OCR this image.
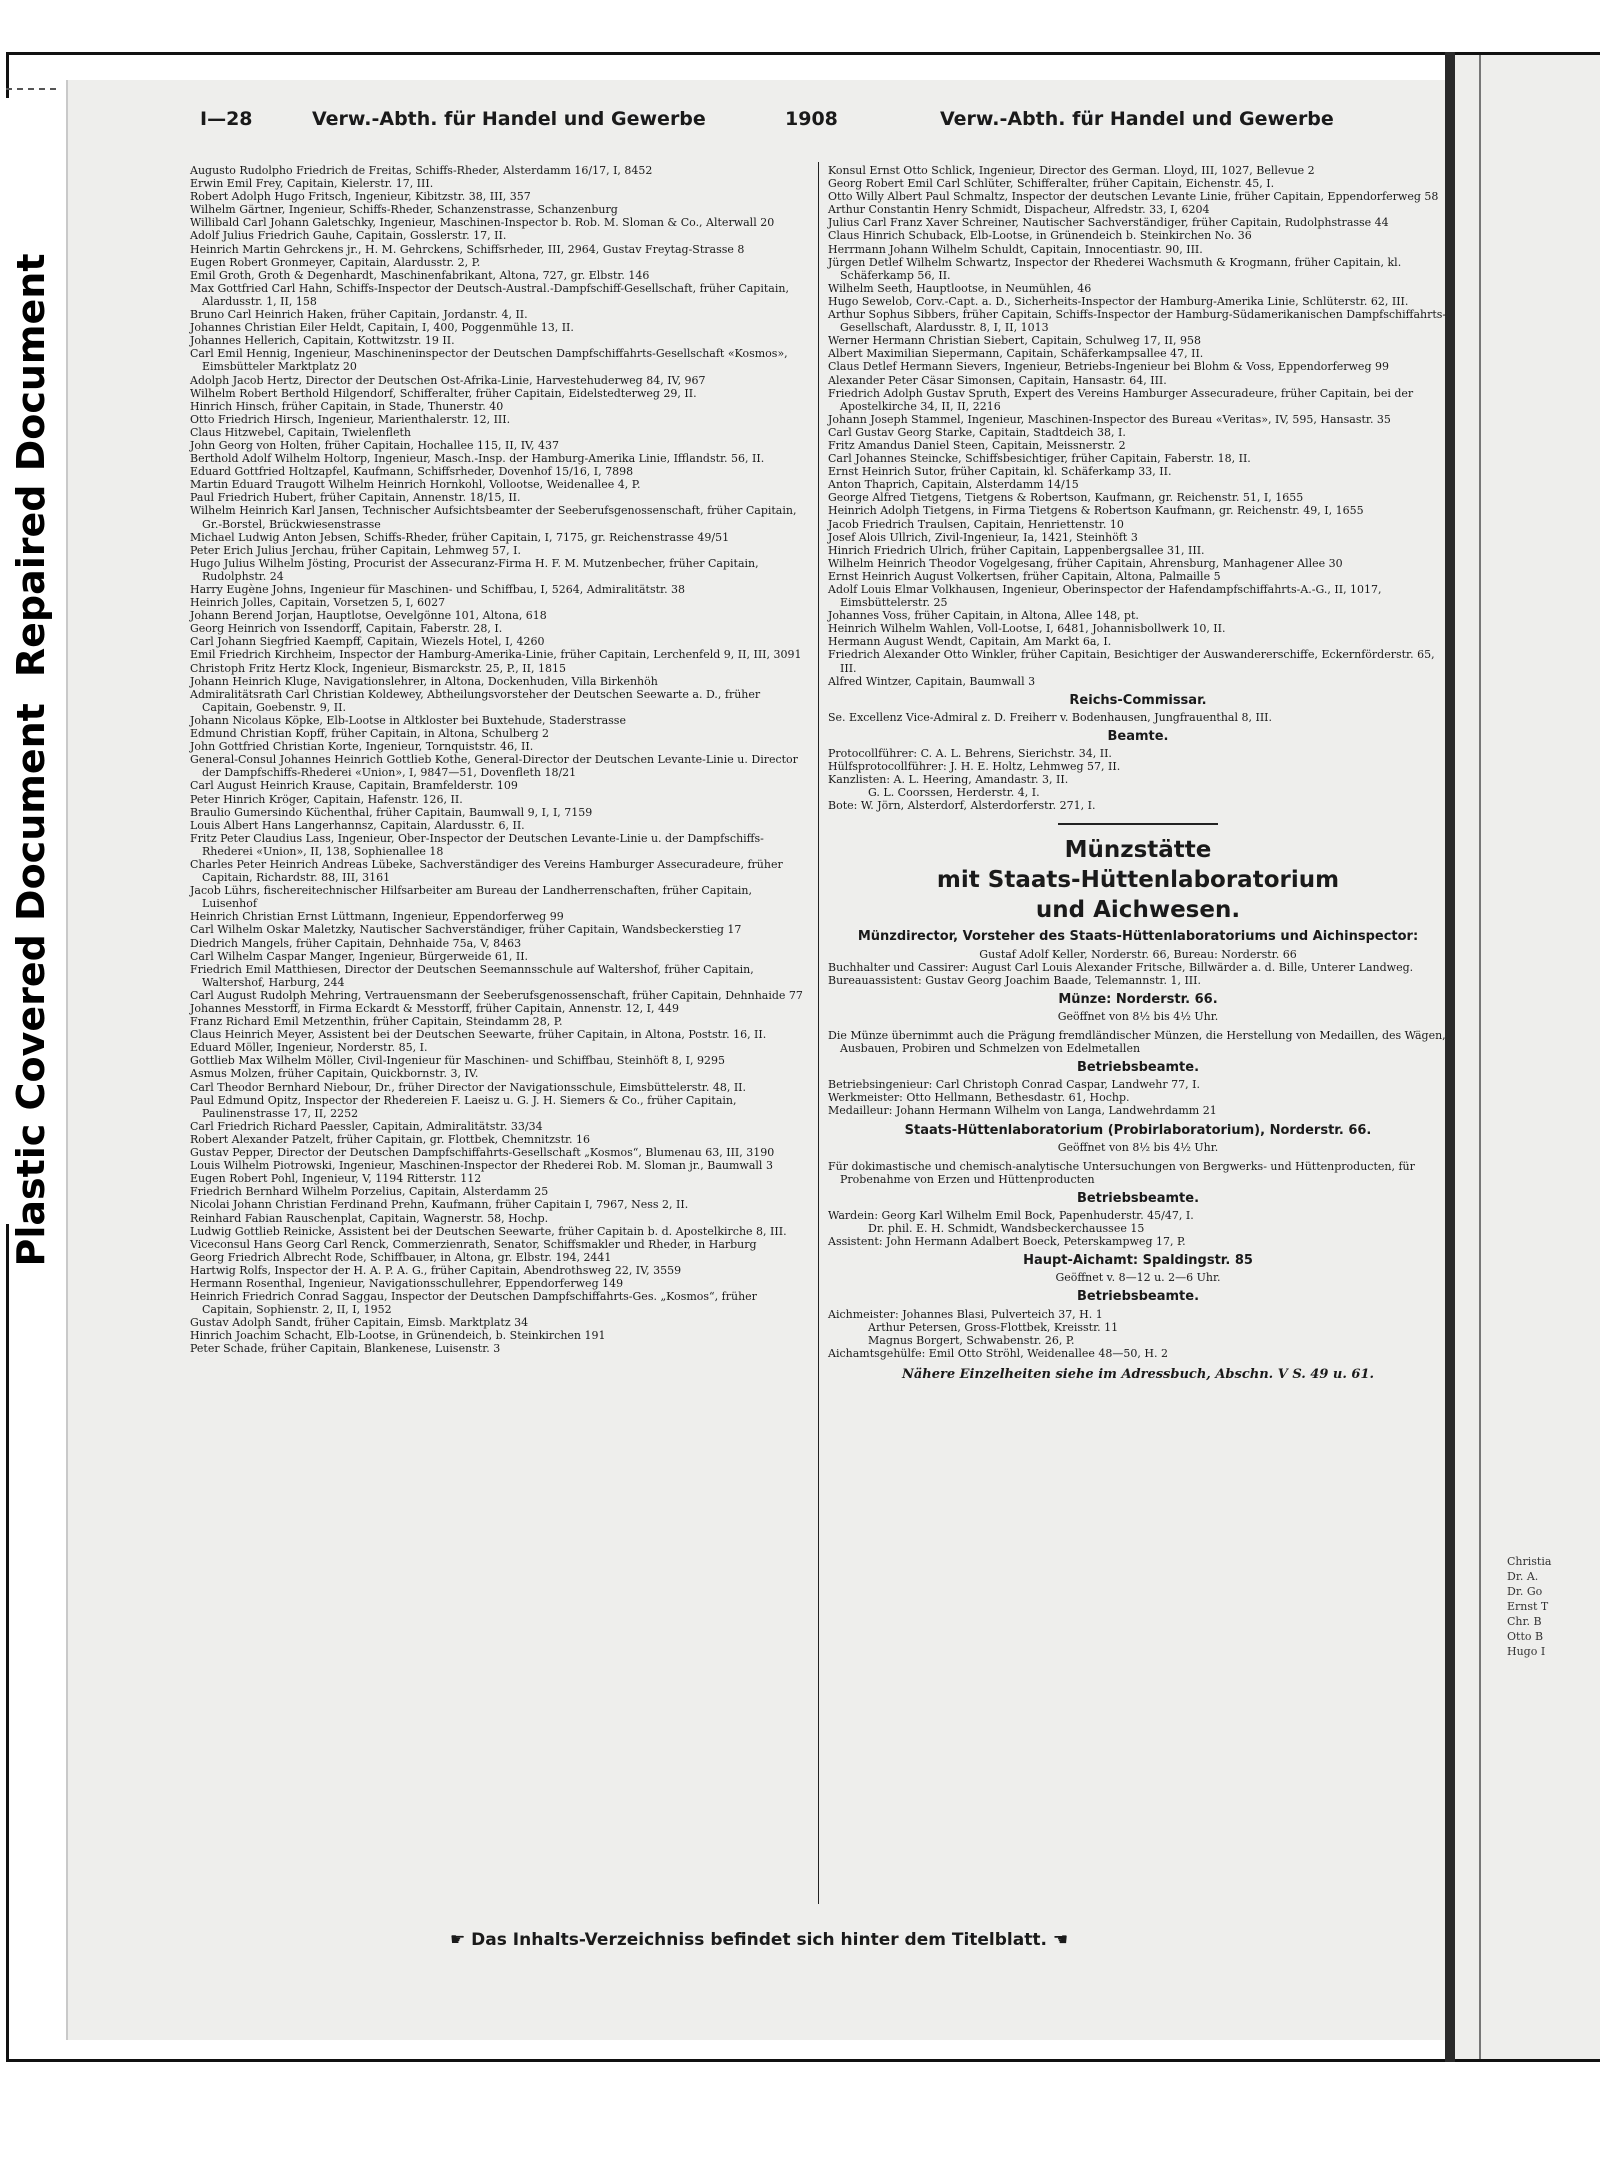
Plastic Covered DocumentRepaired Document
Christia
Dr. A.
Dr. Go
Ernst T
Chr. B
Otto B
Hugo I
I—28	Verw.-Abth. für Handel und Gewerbe	1908	Verw.-Abth. für Handel und Gewerbe

Augusto Rudolpho Friedrich de Freitas, Schiffs-Rheder, Alsterdamm 16/17, I, 8452

Erwin Emil Frey, Capitain, Kielerstr. 17, III.

Robert Adolph Hugo Fritsch, Ingenieur, Kibitzstr. 38, III, 357

Wilhelm Gärtner, Ingenieur, Schiffs-Rheder, Schanzenstrasse, Schanzenburg

Willibald Carl Johann Galetschky, Ingenieur, Maschinen-Inspector b. Rob. M. Sloman & Co., Alterwall 20

Adolf Julius Friedrich Gauhe, Capitain, Gosslerstr. 17, II.

Heinrich Martin Gehrckens jr., H. M. Gehrckens, Schiffsrheder, III, 2964, Gustav Freytag-Strasse 8

Eugen Robert Gronmeyer, Capitain, Alardusstr. 2, P.

Emil Groth, Groth & Degenhardt, Maschinenfabrikant, Altona, 727, gr. Elbstr. 146

Max Gottfried Carl Hahn, Schiffs-Inspector der Deutsch-Austral.-Dampfschiff-Gesellschaft, früher Capitain, Alardusstr. 1, II, 158

Bruno Carl Heinrich Haken, früher Capitain, Jordanstr. 4, II.

Johannes Christian Eiler Heldt, Capitain, I, 400, Poggenmühle 13, II.

Johannes Hellerich, Capitain, Kottwitzstr. 19 II.

Carl Emil Hennig, Ingenieur, Maschineninspector der Deutschen Dampfschiffahrts-Gesellschaft «Kosmos», Eimsbütteler Marktplatz 20

Adolph Jacob Hertz, Director der Deutschen Ost-Afrika-Linie, Harvestehuderweg 84, IV, 967

Wilhelm Robert Berthold Hilgendorf, Schifferalter, früher Capitain, Eidelstedterweg 29, II.

Hinrich Hinsch, früher Capitain, in Stade, Thunerstr. 40

Otto Friedrich Hirsch, Ingenieur, Marienthalerstr. 12, III.

Claus Hitzwebel, Capitain, Twielenfleth

John Georg von Holten, früher Capitain, Hochallee 115, II, IV, 437

Berthold Adolf Wilhelm Holtorp, Ingenieur, Masch.-Insp. der Hamburg-Amerika Linie, Ifflandstr. 56, II.

Eduard Gottfried Holtzapfel, Kaufmann, Schiffsrheder, Dovenhof 15/16, I, 7898

Martin Eduard Traugott Wilhelm Heinrich Hornkohl, Vollootse, Weidenallee 4, P.

Paul Friedrich Hubert, früher Capitain, Annenstr. 18/15, II.

Wilhelm Heinrich Karl Jansen, Technischer Aufsichtsbeamter der Seeberufsgenossenschaft, früher Capitain, Gr.-Borstel, Brückwiesenstrasse

Michael Ludwig Anton Jebsen, Schiffs-Rheder, früher Capitain, I, 7175, gr. Reichenstrasse 49/51

Peter Erich Julius Jerchau, früher Capitain, Lehmweg 57, I.

Hugo Julius Wilhelm Jösting, Procurist der Assecuranz-Firma H. F. M. Mutzenbecher, früher Capitain, Rudolphstr. 24

Harry Eugène Johns, Ingenieur für Maschinen- und Schiffbau, I, 5264, Admiralitätstr. 38

Heinrich Jolles, Capitain, Vorsetzen 5, I, 6027

Johann Berend Jorjan, Hauptlotse, Oevelgönne 101, Altona, 618

Georg Heinrich von Issendorff, Capitain, Faberstr. 28, I.

Carl Johann Siegfried Kaempff, Capitain, Wiezels Hotel, I, 4260

Emil Friedrich Kirchheim, Inspector der Hamburg-Amerika-Linie, früher Capitain, Lerchenfeld 9, II, III, 3091

Christoph Fritz Hertz Klock, Ingenieur, Bismarckstr. 25, P., II, 1815

Johann Heinrich Kluge, Navigationslehrer, in Altona, Dockenhuden, Villa Birkenhöh

Admiralitätsrath Carl Christian Koldewey, Abtheilungsvorsteher der Deutschen Seewarte a. D., früher Capitain, Goebenstr. 9, II.

Johann Nicolaus Köpke, Elb-Lootse in Altkloster bei Buxtehude, Staderstrasse

Edmund Christian Kopff, früher Capitain, in Altona, Schulberg 2

John Gottfried Christian Korte, Ingenieur, Tornquiststr. 46, II.

General-Consul Johannes Heinrich Gottlieb Kothe, General-Director der Deutschen Levante-Linie u. Director der Dampfschiffs-Rhederei «Union», I, 9847—51, Dovenfleth 18/21

Carl August Heinrich Krause, Capitain, Bramfelderstr. 109

Peter Hinrich Kröger, Capitain, Hafenstr. 126, II.

Braulio Gumersindo Küchenthal, früher Capitain, Baumwall 9, I, I, 7159

Louis Albert Hans Langerhannsz, Capitain, Alardusstr. 6, II.

Fritz Peter Claudius Lass, Ingenieur, Ober-Inspector der Deutschen Levante-Linie u. der Dampfschiffs-Rhederei «Union», II, 138, Sophienallee 18

Charles Peter Heinrich Andreas Lübeke, Sachverständiger des Vereins Hamburger Assecuradeure, früher Capitain, Richardstr. 88, III, 3161

Jacob Lührs, fischereitechnischer Hilfsarbeiter am Bureau der Landherrenschaften, früher Capitain, Luisenhof

Heinrich Christian Ernst Lüttmann, Ingenieur, Eppendorferweg 99

Carl Wilhelm Oskar Maletzky, Nautischer Sachverständiger, früher Capitain, Wandsbeckerstieg 17

Diedrich Mangels, früher Capitain, Dehnhaide 75a, V, 8463

Carl Wilhelm Caspar Manger, Ingenieur, Bürgerweide 61, II.

Friedrich Emil Matthiesen, Director der Deutschen Seemannsschule auf Waltershof, früher Capitain, Waltershof, Harburg, 244

Carl August Rudolph Mehring, Vertrauensmann der Seeberufsgenossenschaft, früher Capitain, Dehnhaide 77

Johannes Messtorff, in Firma Eckardt & Messtorff, früher Capitain, Annenstr. 12, I, 449

Franz Richard Emil Metzenthin, früher Capitain, Steindamm 28, P.

Claus Heinrich Meyer, Assistent bei der Deutschen Seewarte, früher Capitain, in Altona, Poststr. 16, II.

Eduard Möller, Ingenieur, Norderstr. 85, I.

Gottlieb Max Wilhelm Möller, Civil-Ingenieur für Maschinen- und Schiffbau, Steinhöft 8, I, 9295

Asmus Molzen, früher Capitain, Quickbornstr. 3, IV.

Carl Theodor Bernhard Niebour, Dr., früher Director der Navigationsschule, Eimsbüttelerstr. 48, II.

Paul Edmund Opitz, Inspector der Rhedereien F. Laeisz u. G. J. H. Siemers & Co., früher Capitain, Paulinenstrasse 17, II, 2252

Carl Friedrich Richard Paessler, Capitain, Admiralitätstr. 33/34

Robert Alexander Patzelt, früher Capitain, gr. Flottbek, Chemnitzstr. 16

Gustav Pepper, Director der Deutschen Dampfschiffahrts-Gesellschaft „Kosmos“, Blumenau 63, III, 3190

Louis Wilhelm Piotrowski, Ingenieur, Maschinen-Inspector der Rhederei Rob. M. Sloman jr., Baumwall 3

Eugen Robert Pohl, Ingenieur, V, 1194 Ritterstr. 112

Friedrich Bernhard Wilhelm Porzelius, Capitain, Alsterdamm 25

Nicolai Johann Christian Ferdinand Prehn, Kaufmann, früher Capitain I, 7967, Ness 2, II.

Reinhard Fabian Rauschenplat, Capitain, Wagnerstr. 58, Hochp.

Ludwig Gottlieb Reinicke, Assistent bei der Deutschen Seewarte, früher Capitain b. d. Apostelkirche 8, III.

Viceconsul Hans Georg Carl Renck, Commerzienrath, Senator, Schiffsmakler und Rheder, in Harburg

Georg Friedrich Albrecht Rode, Schiffbauer, in Altona, gr. Elbstr. 194, 2441

Hartwig Rolfs, Inspector der H. A. P. A. G., früher Capitain, Abendrothsweg 22, IV, 3559

Hermann Rosenthal, Ingenieur, Navigationsschullehrer, Eppendorferweg 149

Heinrich Friedrich Conrad Saggau, Inspector der Deutschen Dampfschiffahrts-Ges. „Kosmos“, früher Capitain, Sophienstr. 2, II, I, 1952

Gustav Adolph Sandt, früher Capitain, Eimsb. Marktplatz 34

Hinrich Joachim Schacht, Elb-Lootse, in Grünendeich, b. Steinkirchen 191

Peter Schade, früher Capitain, Blankenese, Luisenstr. 3

Konsul Ernst Otto Schlick, Ingenieur, Director des German. Lloyd, III, 1027, Bellevue 2

Georg Robert Emil Carl Schlüter, Schifferalter, früher Capitain, Eichenstr. 45, I.

Otto Willy Albert Paul Schmaltz, Inspector der deutschen Levante Linie, früher Capitain, Eppendorferweg 58

Arthur Constantin Henry Schmidt, Dispacheur, Alfredstr. 33, I, 6204

Julius Carl Franz Xaver Schreiner, Nautischer Sachverständiger, früher Capitain, Rudolphstrasse 44

Claus Hinrich Schuback, Elb-Lootse, in Grünendeich b. Steinkirchen No. 36

Herrmann Johann Wilhelm Schuldt, Capitain, Innocentiastr. 90, III.

Jürgen Detlef Wilhelm Schwartz, Inspector der Rhederei Wachsmuth & Krogmann, früher Capitain, kl. Schäferkamp 56, II.

Wilhelm Seeth, Hauptlootse, in Neumühlen, 46

Hugo Sewelob, Corv.-Capt. a. D., Sicherheits-Inspector der Hamburg-Amerika Linie, Schlüterstr. 62, III.

Arthur Sophus Sibbers, früher Capitain, Schiffs-Inspector der Hamburg-Südamerikanischen Dampfschiffahrts-Gesellschaft, Alardusstr. 8, I, II, 1013

Werner Hermann Christian Siebert, Capitain, Schulweg 17, II, 958

Albert Maximilian Siepermann, Capitain, Schäferkampsallee 47, II.

Claus Detlef Hermann Sievers, Ingenieur, Betriebs-Ingenieur bei Blohm & Voss, Eppendorferweg 99

Alexander Peter Cäsar Simonsen, Capitain, Hansastr. 64, III.

Friedrich Adolph Gustav Spruth, Expert des Vereins Hamburger Assecuradeure, früher Capitain, bei der Apostelkirche 34, II, II, 2216

Johann Joseph Stammel, Ingenieur, Maschinen-Inspector des Bureau «Veritas», IV, 595, Hansastr. 35

Carl Gustav Georg Starke, Capitain, Stadtdeich 38, I.

Fritz Amandus Daniel Steen, Capitain, Meissnerstr. 2

Carl Johannes Steincke, Schiffsbesichtiger, früher Capitain, Faberstr. 18, II.

Ernst Heinrich Sutor, früher Capitain, kl. Schäferkamp 33, II.

Anton Thaprich, Capitain, Alsterdamm 14/15

George Alfred Tietgens, Tietgens & Robertson, Kaufmann, gr. Reichenstr. 51, I, 1655

Heinrich Adolph Tietgens, in Firma Tietgens & Robertson Kaufmann, gr. Reichenstr. 49, I, 1655

Jacob Friedrich Traulsen, Capitain, Henriettenstr. 10

Josef Alois Ullrich, Zivil-Ingenieur, Ia, 1421, Steinhöft 3

Hinrich Friedrich Ulrich, früher Capitain, Lappenbergsallee 31, III.

Wilhelm Heinrich Theodor Vogelgesang, früher Capitain, Ahrensburg, Manhagener Allee 30

Ernst Heinrich August Volkertsen, früher Capitain, Altona, Palmaille 5

Adolf Louis Elmar Volkhausen, Ingenieur, Oberinspector der Hafendampfschiffahrts-A.-G., II, 1017, Eimsbüttelerstr. 25

Johannes Voss, früher Capitain, in Altona, Allee 148, pt.

Heinrich Wilhelm Wahlen, Voll-Lootse, I, 6481, Johannisbollwerk 10, II.

Hermann August Wendt, Capitain, Am Markt 6a, I.

Friedrich Alexander Otto Winkler, früher Capitain, Besichtiger der Auswandererschiffe, Eckernförderstr. 65, III.

Alfred Wintzer, Capitain, Baumwall 3

Reichs-Commissar.

Se. Excellenz Vice-Admiral z. D. Freiherr v. Bodenhausen, Jungfrauenthal 8, III.

Beamte.

Protocollführer: C. A. L. Behrens, Sierichstr. 34, II.

Hülfsprotocollführer: J. H. E. Holtz, Lehmweg 57, II.

Kanzlisten: A. L. Heering, Amandastr. 3, II.

G. L. Coorssen, Herderstr. 4, I.

Bote: W. Jörn, Alsterdorf, Alsterdorferstr. 271, I.

Münzstätte
mit Staats-Hüttenlaboratorium
und Aichwesen.
Münzdirector, Vorsteher des Staats-Hüttenlaboratoriums und Aichinspector:

Gustaf Adolf Keller, Norderstr. 66, Bureau: Norderstr. 66

Buchhalter und Cassirer: August Carl Louis Alexander Fritsche, Billwärder a. d. Bille, Unterer Landweg.

Bureauassistent: Gustav Georg Joachim Baade, Telemannstr. 1, III.

Münze: Norderstr. 66.

Geöffnet von 8½ bis 4½ Uhr.

Die Münze übernimmt auch die Prägung fremdländischer Münzen, die Herstellung von Medaillen, des Wägen, Ausbauen, Probiren und Schmelzen von Edelmetallen

Betriebsbeamte.

Betriebsingenieur: Carl Christoph Conrad Caspar, Landwehr 77, I.

Werkmeister: Otto Hellmann, Bethesdastr. 61, Hochp.

Medailleur: Johann Hermann Wilhelm von Langa, Landwehrdamm 21

Staats-Hüttenlaboratorium (Probirlaboratorium), Norderstr. 66.

Geöffnet von 8½ bis 4½ Uhr.

Für dokimastische und chemisch-analytische Untersuchungen von Bergwerks- und Hüttenproducten, für Probenahme von Erzen und Hüttenproducten

Betriebsbeamte.

Wardein: Georg Karl Wilhelm Emil Bock, Papenhuderstr. 45/47, I.

Dr. phil. E. H. Schmidt, Wandsbeckerchaussee 15

Assistent: John Hermann Adalbert Boeck, Peterskampweg 17, P.

Haupt-Aichamt: Spaldingstr. 85

Geöffnet v. 8—12 u. 2—6 Uhr.

Betriebsbeamte.

Aichmeister: Johannes Blasi, Pulverteich 37, H. 1

Arthur Petersen, Gross-Flottbek, Kreisstr. 11

Magnus Borgert, Schwabenstr. 26, P.

Aichamtsgehülfe: Emil Otto Ströhl, Weidenallee 48—50, H. 2

Nähere Einzelheiten siehe im Adressbuch, Abschn. V S. 49 u. 61.

☛ Das Inhalts-Verzeichniss befindet sich hinter dem Titelblatt. ☚
